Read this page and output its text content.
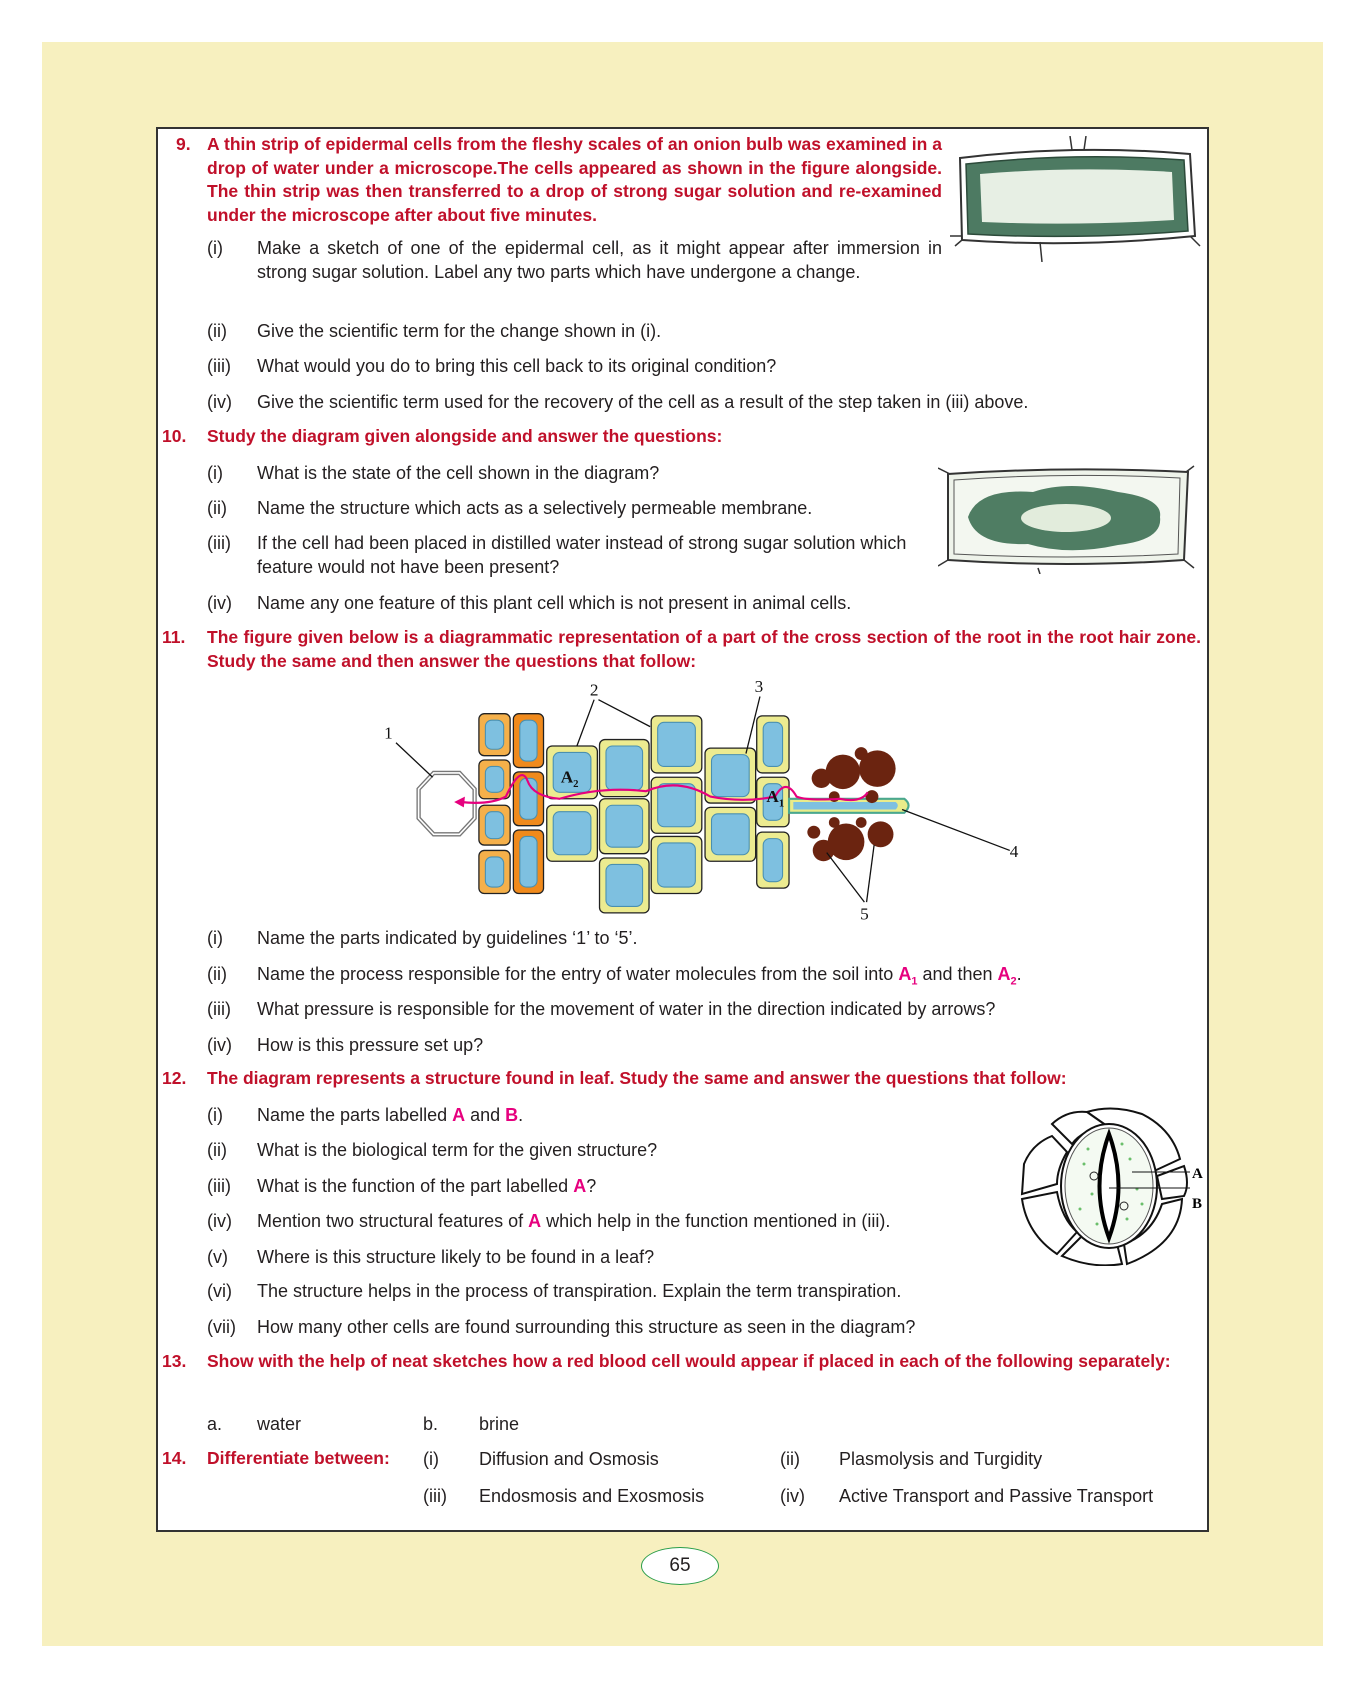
9. A thin strip of epidermal cells from the fleshy scales of an onion bulb was examined in a drop of water under a microscope.The cells appeared as shown in the figure alongside. The thin strip was then transferred to a drop of strong sugar solution and re-examined under the microscope after about five minutes.
(i) Make a sketch of one of the epidermal cell, as it might appear after immersion in strong sugar solution. Label any two parts which have undergone a change.
(ii) Give the scientific term for the change shown in (i).
(iii) What would you do to bring this cell back to its original condition?
(iv) Give the scientific term used for the recovery of the cell as a result of the step taken in (iii) above.
10. Study the diagram given alongside and answer the questions:
(i) What is the state of the cell shown in the diagram?
(ii) Name the structure which acts as a selectively permeable membrane.
(iii) If the cell had been placed in distilled water instead of strong sugar solution which feature would not have been present?
(iv) Name any one feature of this plant cell which is not present in animal cells.
11. The figure given below is a diagrammatic representation of a part of the cross section of the root in the root hair zone. Study the same and then answer the questions that follow:
1
2	3
4
5
$A_2$
$A_1$
(i) Name the parts indicated by guidelines ‘1’ to ‘5’.
(ii) Name the process responsible for the entry of water molecules from the soil into $A_1$ and then $A_2$.
(iii) What pressure is responsible for the movement of water in the direction indicated by arrows?
(iv) How is this pressure set up?
12. The diagram represents a structure found in leaf. Study the same and answer the questions that follow:
(i) Name the parts labelled A and B.
(ii) What is the biological term for the given structure?
(iii) What is the function of the part labelled A?
(iv) Mention two structural features of A which help in the function mentioned in (iii).
(v) Where is this structure likely to be found in a leaf?
(vi) The structure helps in the process of transpiration. Explain the term transpiration.
(vii) How many other cells are found surrounding this structure as seen in the diagram?
A
B
13. Show with the help of neat sketches how a red blood cell would appear if placed in each of the following separately:
a. water	b. brine
14. Differentiate between: (i) Diffusion and Osmosis	(ii) Plasmolysis and Turgidity
(iii) Endosmosis and Exosmosis	(iv) Active Transport and Passive Transport
65
